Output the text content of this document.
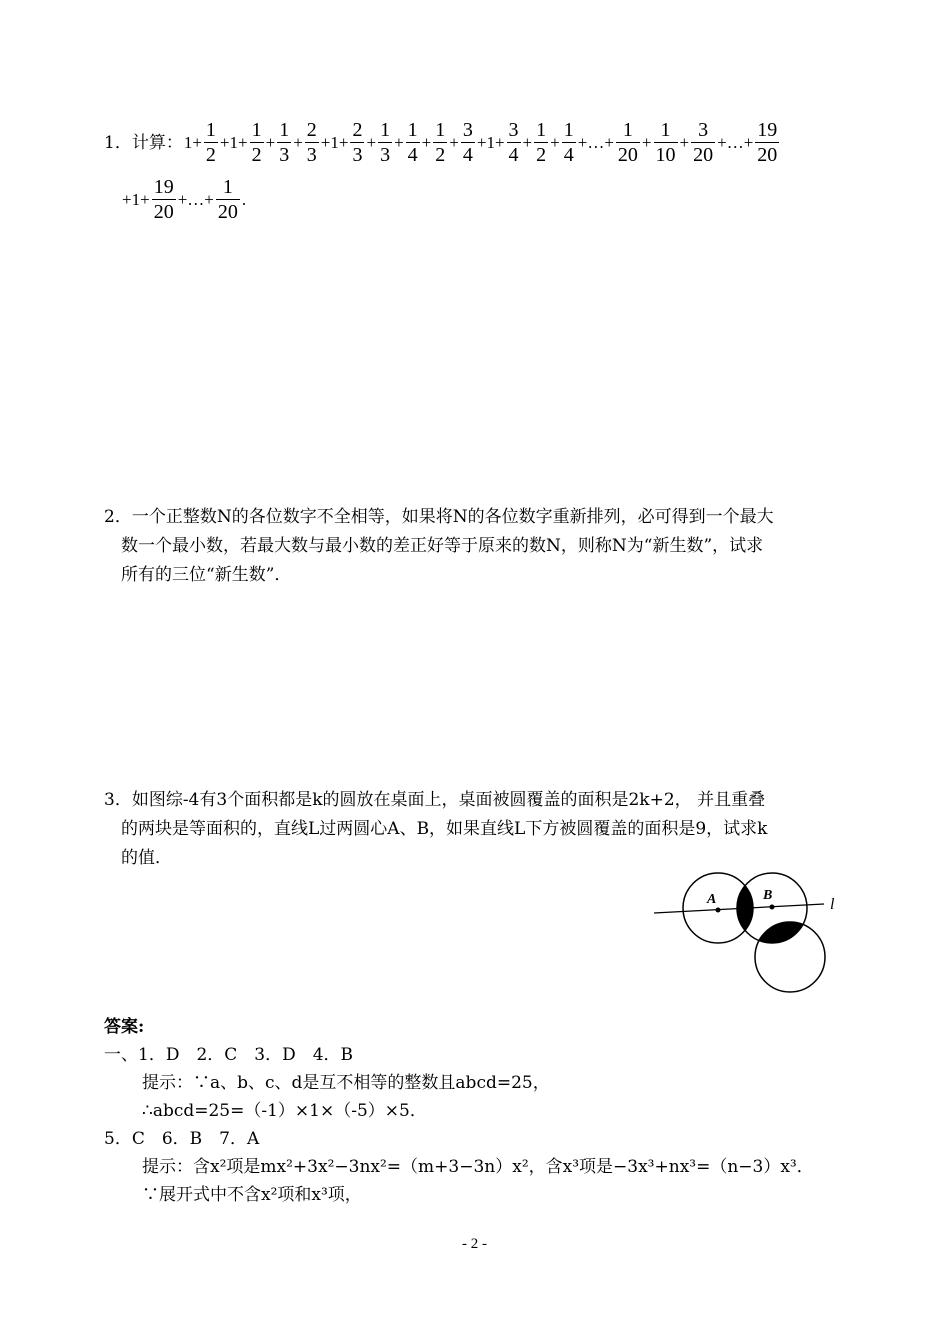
1．计算： $1+ \frac{1}{2} +1+ \frac{1}{2} + \frac{1}{3} + \frac{2}{3} +1+ \frac{2}{3} + \frac{1}{3} + \frac{1}{4} + \frac{1}{2} + \frac{3}{4} +1+ \frac{3}{4} + \frac{1}{2} + \frac{1}{4}$ +…+ $\frac{1}{20} + \frac{1}{10} + \frac{3}{20}$ +…+ $\frac{19}{20}$
$+1+ \frac{19}{20}$ +…+ $\frac{1}{20}$ .
2．一个正整数N的各位数字不全相等，如果将N的各位数字重新排列，必可得到一个最大
数一个最小数，若最大数与最小数的差正好等于原来的数N，则称N为“新生数”，试求
所有的三位“新生数”．
3．如图综-4有3个面积都是k的圆放在桌面上，桌面被圆覆盖的面积是2k+2， 并且重叠
的两块是等面积的，直线L过两圆心A、B，如果直线L下方被圆覆盖的面积是9，试求k
的值．
A	B
l
答案:
一、1．D　2．C　3．D　4．B
提示：∵a、b、c、d是互不相等的整数且abcd=25，
∴abcd=25=（-1）×1×（-5）×5．
5．C　6．B　7．A
提示：含x²项是mx²+3x²−3nx²=（m+3−3n）x²，含x³项是−3x³+nx³=（n−3）x³．
∵展开式中不含x²项和x³项，
- 2 -
